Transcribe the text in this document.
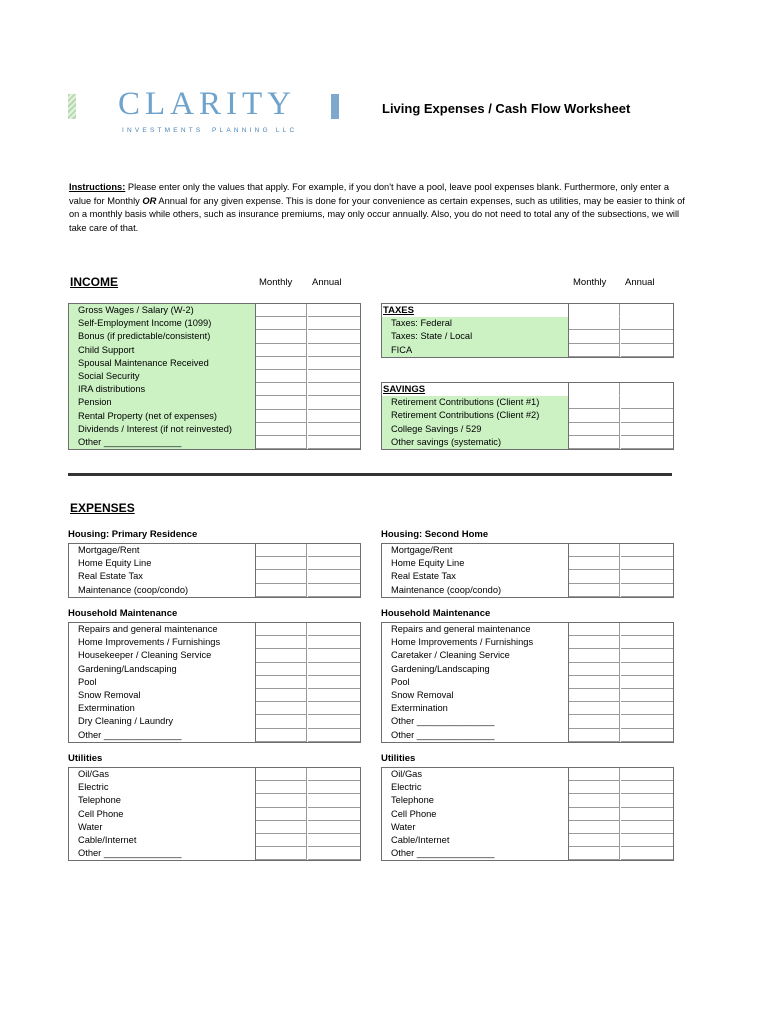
CLARITY
INVESTMENTS PLANNING LLC
Living Expenses / Cash Flow Worksheet
Instructions: Please enter only the values that apply. For example, if you don't have a pool, leave pool expenses blank. Furthermore, only enter a value for Monthly OR Annual for any given expense. This is done for your convenience as certain expenses, such as utilities, may be easier to think of on a monthly basis while others, such as insurance premiums, may only occur annually. Also, you do not need to total any of the subsections, we will take care of that.
INCOME	Monthly Annual	Monthly Annual
Gross Wages / Salary (W-2)
Self-Employment Income (1099)
Bonus (if predictable/consistent)
Child Support
Spousal Maintenance Received
Social Security
IRA distributions
Pension
Rental Property (net of expenses)
Dividends / Interest (if not reinvested)
Other _______________
TAXES
Taxes: Federal
Taxes: State / Local
FICA
SAVINGS
Retirement Contributions (Client #1)
Retirement Contributions (Client #2)
College Savings / 529
Other savings (systematic)
EXPENSES
Housing: Primary Residence
Mortgage/Rent
Home Equity Line
Real Estate Tax
Maintenance (coop/condo)
Housing: Second Home
Mortgage/Rent
Home Equity Line
Real Estate Tax
Maintenance (coop/condo)
Household Maintenance
Repairs and general maintenance
Home Improvements / Furnishings
Housekeeper / Cleaning Service
Gardening/Landscaping
Pool
Snow Removal
Extermination
Dry Cleaning / Laundry
Other _______________
Household Maintenance
Repairs and general maintenance
Home Improvements / Furnishings
Caretaker / Cleaning Service
Gardening/Landscaping
Pool
Snow Removal
Extermination
Other _______________
Other _______________
Utilities
Oil/Gas
Electric
Telephone
Cell Phone
Water
Cable/Internet
Other _______________
Utilities
Oil/Gas
Electric
Telephone
Cell Phone
Water
Cable/Internet
Other _______________
